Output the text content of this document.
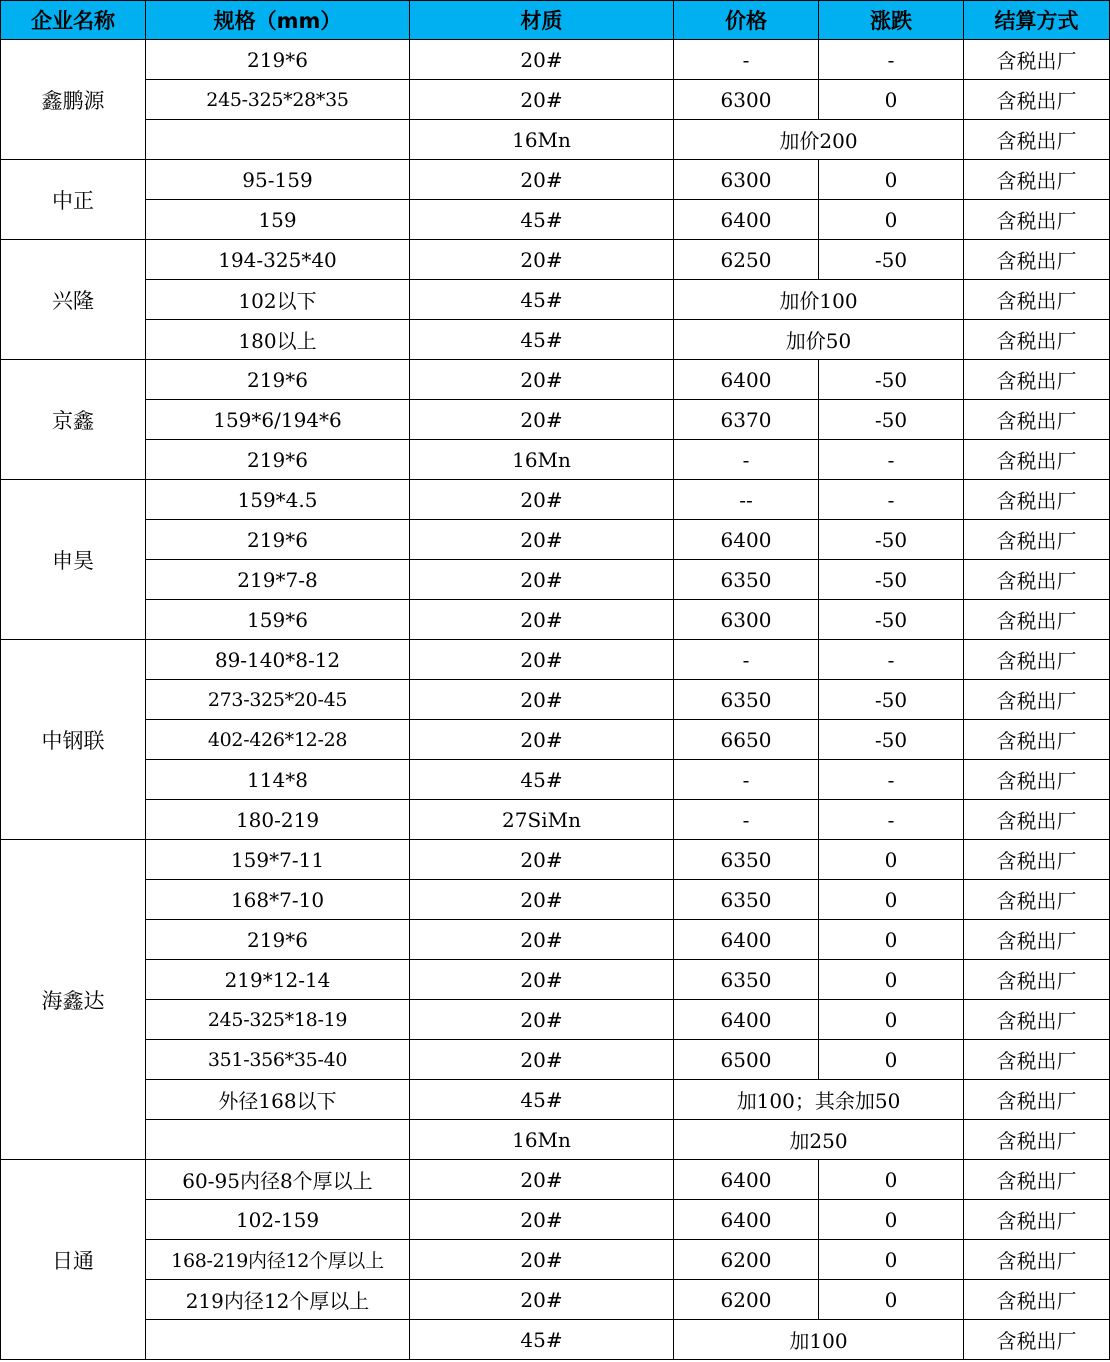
企业名称	规格（mm）	材质	价格	涨跌	结算方式
鑫鹏源	219*6	20#	-	-	含税出厂
	245-325*28*35	20#	6300	0	含税出厂
		16Mn	加价200		含税出厂
中正	95-159	20#	6300	0	含税出厂
	159	45#	6400	0	含税出厂
兴隆	194-325*40	20#	6250	-50	含税出厂
	102以下	45#	加价100		含税出厂
	180以上	45#	加价50		含税出厂
京鑫	219*6	20#	6400	-50	含税出厂
	159*6/194*6	20#	6370	-50	含税出厂
	219*6	16Mn	-	-	含税出厂
申昊	159*4.5	20#	--	-	含税出厂
	219*6	20#	6400	-50	含税出厂
	219*7-8	20#	6350	-50	含税出厂
	159*6	20#	6300	-50	含税出厂
中钢联	89-140*8-12	20#	-	-	含税出厂
	273-325*20-45	20#	6350	-50	含税出厂
	402-426*12-28	20#	6650	-50	含税出厂
	114*8	45#	-	-	含税出厂
	180-219	27SiMn	-	-	含税出厂
海鑫达	159*7-11	20#	6350	0	含税出厂
	168*7-10	20#	6350	0	含税出厂
	219*6	20#	6400	0	含税出厂
	219*12-14	20#	6350	0	含税出厂
	245-325*18-19	20#	6400	0	含税出厂
	351-356*35-40	20#	6500	0	含税出厂
	外径168以下	45#	加100；其余加50		含税出厂
		16Mn	加250		含税出厂
日通	60-95内径8个厚以上	20#	6400	0	含税出厂
	102-159	20#	6400	0	含税出厂
	168-219内径12个厚以上	20#	6200	0	含税出厂
	219内径12个厚以上	20#	6200	0	含税出厂
		45#	加100		含税出厂
